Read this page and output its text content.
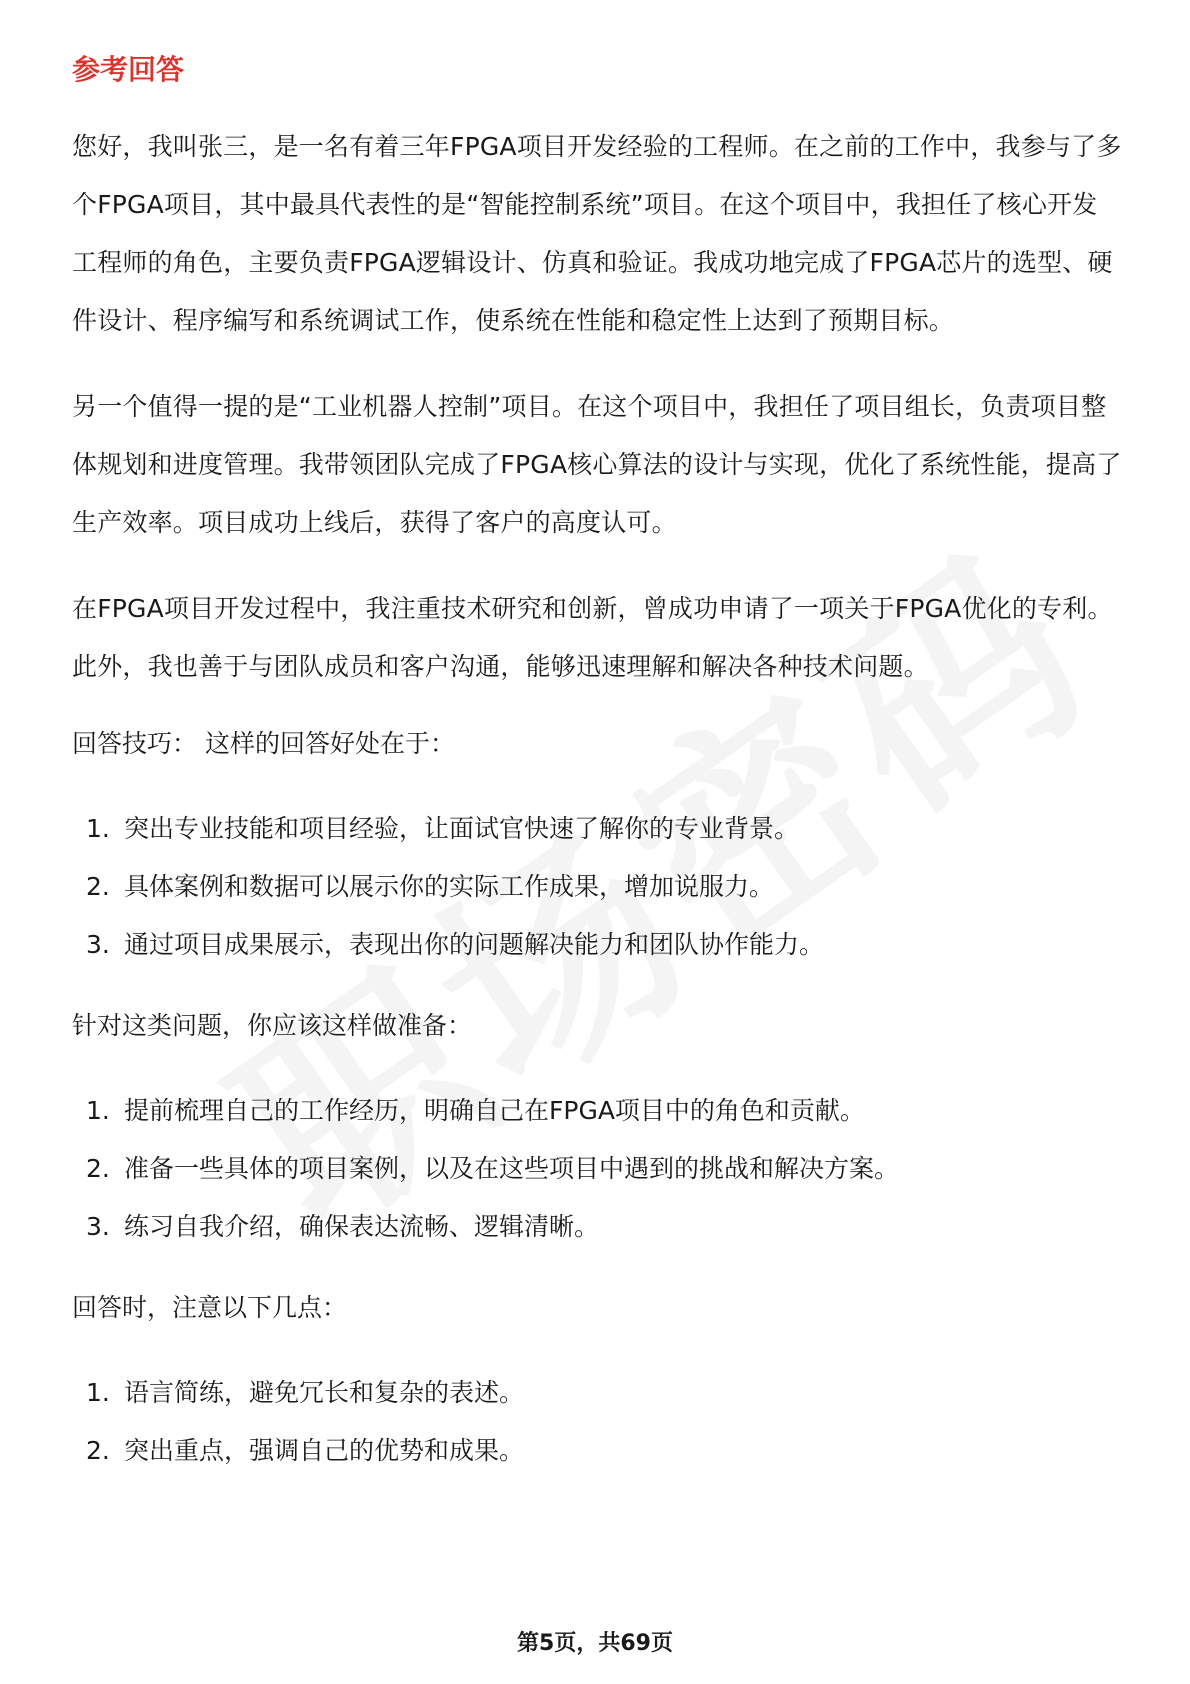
参考回答

您好，我叫张三，是一名有着三年FPGA项目开发经验的工程师。在之前的工作中，我参与了多个FPGA项目，其中最具代表性的是“智能控制系统”项目。在这个项目中，我担任了核心开发工程师的角色，主要负责FPGA逻辑设计、仿真和验证。我成功地完成了FPGA芯片的选型、硬件设计、程序编写和系统调试工作，使系统在性能和稳定性上达到了预期目标。

另一个值得一提的是“工业机器人控制”项目。在这个项目中，我担任了项目组长，负责项目整体规划和进度管理。我带领团队完成了FPGA核心算法的设计与实现，优化了系统性能，提高了生产效率。项目成功上线后，获得了客户的高度认可。

在FPGA项目开发过程中，我注重技术研究和创新，曾成功申请了一项关于FPGA优化的专利。此外，我也善于与团队成员和客户沟通，能够迅速理解和解决各种技术问题。

回答技巧： 这样的回答好处在于：
1. 突出专业技能和项目经验，让面试官快速了解你的专业背景。
2. 具体案例和数据可以展示你的实际工作成果，增加说服力。
3. 通过项目成果展示，表现出你的问题解决能力和团队协作能力。
针对这类问题，你应该这样做准备：
1. 提前梳理自己的工作经历，明确自己在FPGA项目中的角色和贡献。
2. 准备一些具体的项目案例，以及在这些项目中遇到的挑战和解决方案。
3. 练习自我介绍，确保表达流畅、逻辑清晰。
回答时，注意以下几点：
1. 语言简练，避免冗长和复杂的表述。
2. 突出重点，强调自己的优势和成果。
第5页，共69页
